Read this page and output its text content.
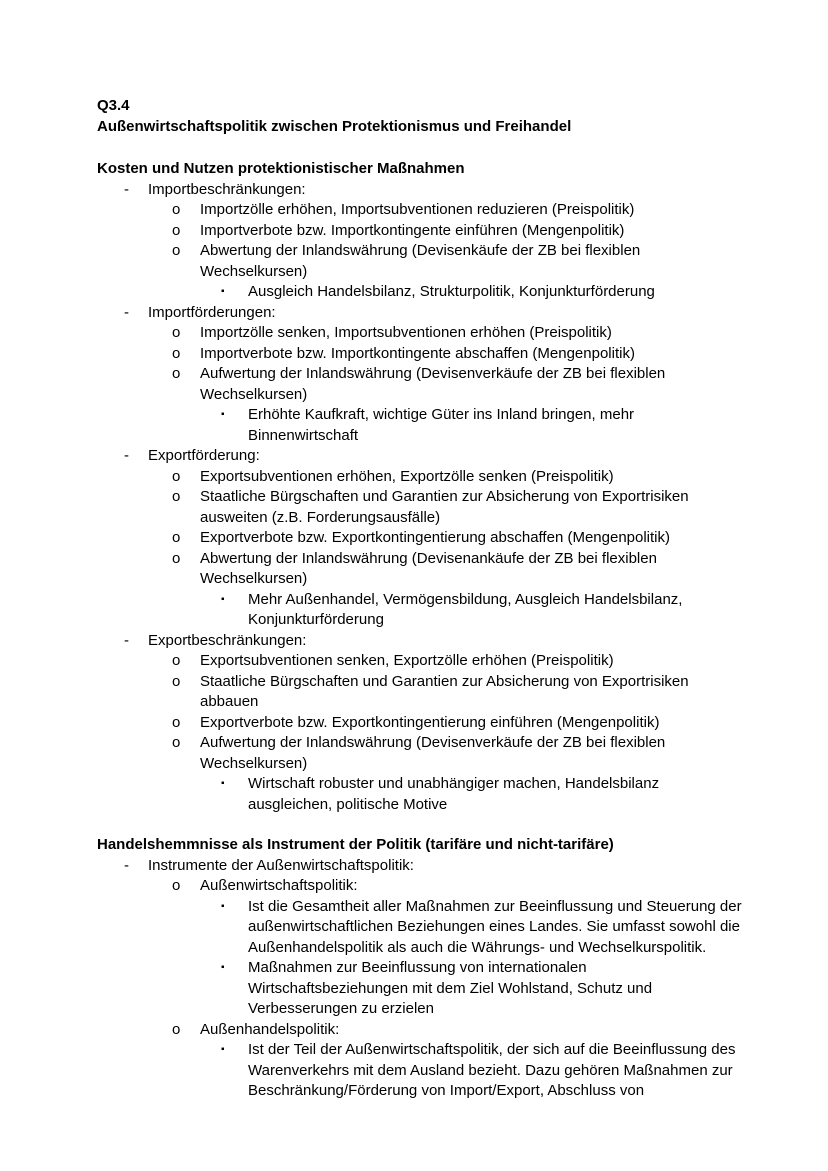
Q3.4
Außenwirtschaftspolitik zwischen Protektionismus und Freihandel
Kosten und Nutzen protektionistischer Maßnahmen
-	Importbeschränkungen:
o	Importzölle erhöhen, Importsubventionen reduzieren (Preispolitik)
o	Importverbote bzw. Importkontingente einführen (Mengenpolitik)
o	Abwertung der Inlandswährung (Devisenkäufe der ZB bei flexiblen Wechselkursen)
▪	Ausgleich Handelsbilanz, Strukturpolitik, Konjunkturförderung
-	Importförderungen:
o	Importzölle senken, Importsubventionen erhöhen (Preispolitik)
o	Importverbote bzw. Importkontingente abschaffen (Mengenpolitik)
o	Aufwertung der Inlandswährung (Devisenverkäufe der ZB bei flexiblen Wechselkursen)
▪	Erhöhte Kaufkraft, wichtige Güter ins Inland bringen, mehr Binnenwirtschaft
-	Exportförderung:
o	Exportsubventionen erhöhen, Exportzölle senken (Preispolitik)
o	Staatliche Bürgschaften und Garantien zur Absicherung von Exportrisiken ausweiten (z.B. Forderungsausfälle)
o	Exportverbote bzw. Exportkontingentierung abschaffen (Mengenpolitik)
o	Abwertung der Inlandswährung (Devisenankäufe der ZB bei flexiblen Wechselkursen)
▪	Mehr Außenhandel, Vermögensbildung, Ausgleich Handelsbilanz, Konjunkturförderung
-	Exportbeschränkungen:
o	Exportsubventionen senken, Exportzölle erhöhen (Preispolitik)
o	Staatliche Bürgschaften und Garantien zur Absicherung von Exportrisiken abbauen
o	Exportverbote bzw. Exportkontingentierung einführen (Mengenpolitik)
o	Aufwertung der Inlandswährung (Devisenverkäufe der ZB bei flexiblen Wechselkursen)
▪	Wirtschaft robuster und unabhängiger machen, Handelsbilanz ausgleichen, politische Motive
Handelshemmnisse als Instrument der Politik (tarifäre und nicht-tarifäre)
-	Instrumente der Außenwirtschaftspolitik:
o	Außenwirtschaftspolitik:
▪	Ist die Gesamtheit aller Maßnahmen zur Beeinflussung und Steuerung der außenwirtschaftlichen Beziehungen eines Landes. Sie umfasst sowohl die Außenhandelspolitik als auch die Währungs- und Wechselkurspolitik.
▪	Maßnahmen zur Beeinflussung von internationalen Wirtschaftsbeziehungen mit dem Ziel Wohlstand, Schutz und Verbesserungen zu erzielen
o	Außenhandelspolitik:
▪	Ist der Teil der Außenwirtschaftspolitik, der sich auf die Beeinflussung des Warenverkehrs mit dem Ausland bezieht. Dazu gehören Maßnahmen zur Beschränkung/Förderung von Import/Export, Abschluss von
